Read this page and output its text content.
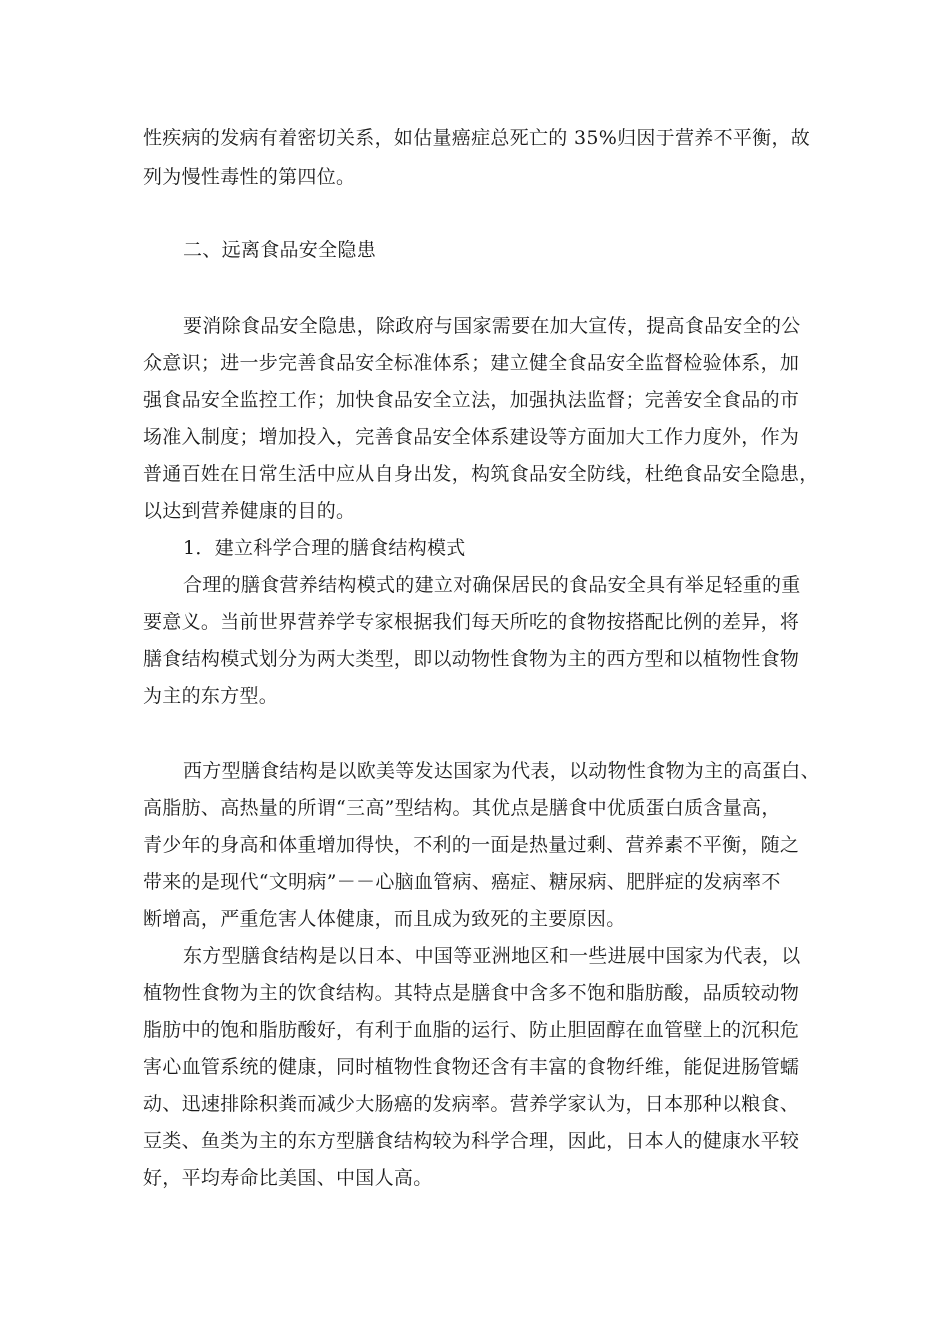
性疾病的发病有着密切关系，如估量癌症总死亡的 35%归因于营养不平衡，故
列为慢性毒性的第四位。
二、远离食品安全隐患
要消除食品安全隐患，除政府与国家需要在加大宣传，提高食品安全的公
众意识；进一步完善食品安全标准体系；建立健全食品安全监督检验体系，加
强食品安全监控工作；加快食品安全立法，加强执法监督；完善安全食品的市
场准入制度；增加投入，完善食品安全体系建设等方面加大工作力度外，作为
普通百姓在日常生活中应从自身出发，构筑食品安全防线，杜绝食品安全隐患，
以达到营养健康的目的。
1．建立科学合理的膳食结构模式
合理的膳食营养结构模式的建立对确保居民的食品安全具有举足轻重的重
要意义。当前世界营养学专家根据我们每天所吃的食物按搭配比例的差异，将
膳食结构模式划分为两大类型，即以动物性食物为主的西方型和以植物性食物
为主的东方型。
西方型膳食结构是以欧美等发达国家为代表，以动物性食物为主的高蛋白、
高脂肪、高热量的所谓“三高”型结构。其优点是膳食中优质蛋白质含量高，
青少年的身高和体重增加得快，不利的一面是热量过剩、营养素不平衡，随之
带来的是现代“文明病”－－心脑血管病、癌症、糖尿病、肥胖症的发病率不
断增高，严重危害人体健康，而且成为致死的主要原因。
东方型膳食结构是以日本、中国等亚洲地区和一些进展中国家为代表，以
植物性食物为主的饮食结构。其特点是膳食中含多不饱和脂肪酸，品质较动物
脂肪中的饱和脂肪酸好，有利于血脂的运行、防止胆固醇在血管壁上的沉积危
害心血管系统的健康，同时植物性食物还含有丰富的食物纤维，能促进肠管蠕
动、迅速排除积粪而减少大肠癌的发病率。营养学家认为，日本那种以粮食、
豆类、鱼类为主的东方型膳食结构较为科学合理，因此，日本人的健康水平较
好，平均寿命比美国、中国人高。
